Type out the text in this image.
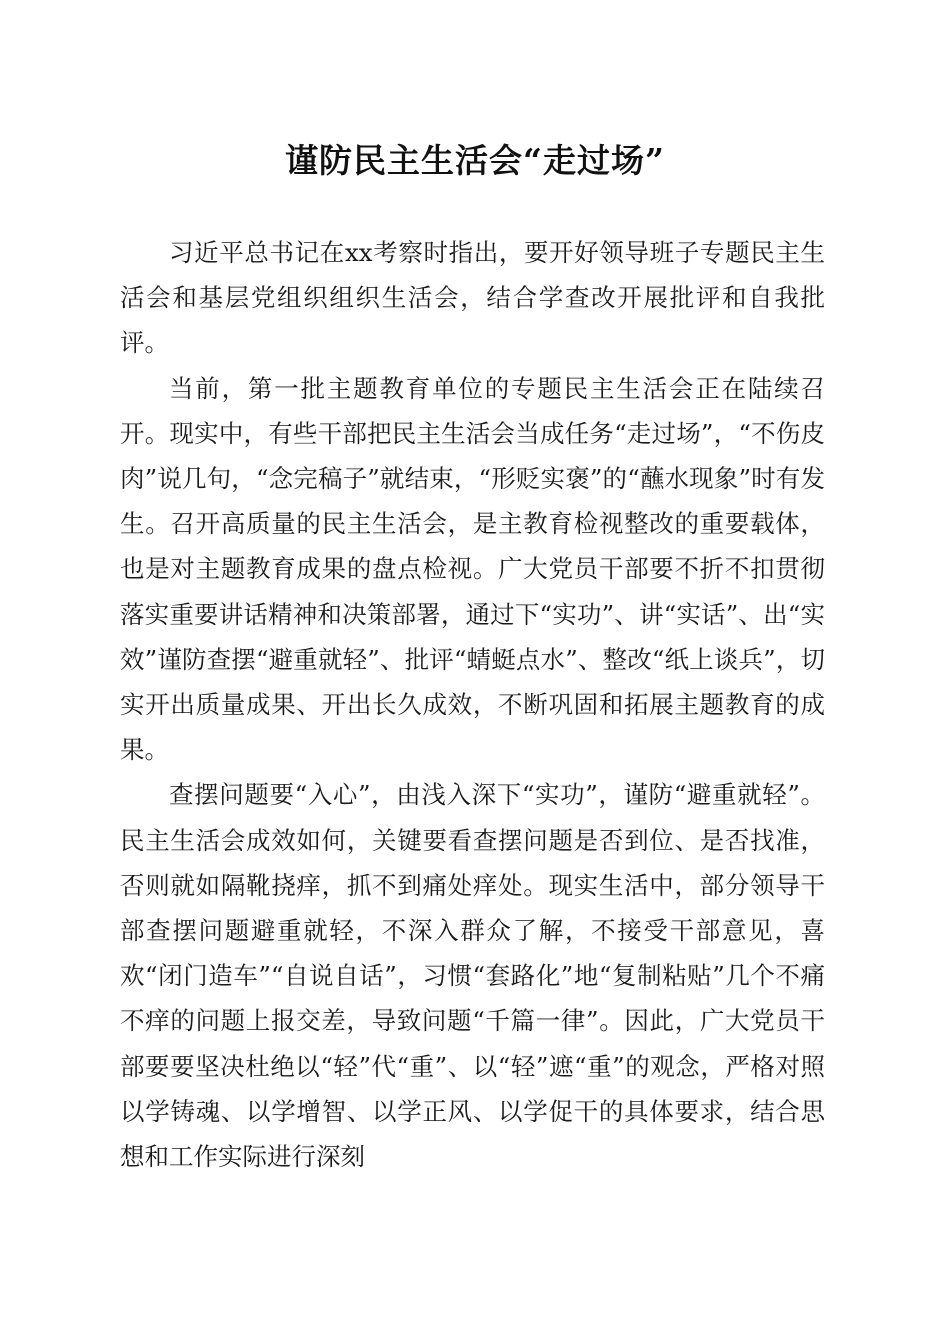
谨防民主生活会“走过场”

习近平总书记在xx考察时指出，要开好领导班子专题民主生活会和基层党组织组织生活会，结合学查改开展批评和自我批评。

当前，第一批主题教育单位的专题民主生活会正在陆续召开。现实中，有些干部把民主生活会当成任务“走过场”，“不伤皮肉”说几句，“念完稿子”就结束，“形贬实褒”的“蘸水现象”时有发生。召开高质量的民主生活会，是主教育检视整改的重要载体，也是对主题教育成果的盘点检视。广大党员干部要不折不扣贯彻落实重要讲话精神和决策部署，通过下“实功”、讲“实话”、出“实效”谨防查摆“避重就轻”、批评“蜻蜓点水”、整改“纸上谈兵”，切实开出质量成果、开出长久成效，不断巩固和拓展主题教育的成果。

查摆问题要“入心”，由浅入深下“实功”，谨防“避重就轻”。民主生活会成效如何，关键要看查摆问题是否到位、是否找准，否则就如隔靴挠痒，抓不到痛处痒处。现实生活中，部分领导干部查摆问题避重就轻，不深入群众了解，不接受干部意见，喜欢“闭门造车”“自说自话”，习惯“套路化”地“复制粘贴”几个不痛不痒的问题上报交差，导致问题“千篇一律”。因此，广大党员干部要要坚决杜绝以“轻”代“重”、以“轻”遮“重”的观念，严格对照以学铸魂、以学增智、以学正风、以学促干的具体要求，结合思想和工作实际进行深刻
